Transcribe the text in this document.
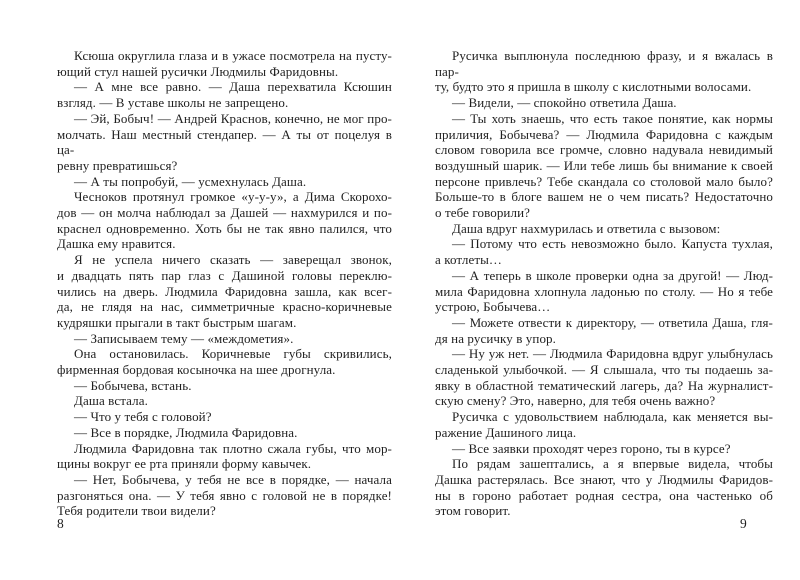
Ксюша округлила глаза и в ужасе посмотрела на пусту-
ющий стул нашей русички Людмилы Фаридовны.
— А мне все равно. — Даша перехватила Ксюшин
взгляд. — В уставе школы не запрещено.
— Эй, Бобыч! — Андрей Краснов, конечно, не мог про-
молчать. Наш местный стендапер. — А ты от поцелуя в ца-
ревну превратишься?
— А ты попробуй, — усмехнулась Даша.
Чесноков протянул громкое «у-у-у», а Дима Скорохо-
дов — он молча наблюдал за Дашей — нахмурился и по-
краснел одновременно. Хоть бы не так явно палился, что
Дашка ему нравится.
Я не успела ничего сказать — заверещал звонок,
и двадцать пять пар глаз с Дашиной головы переклю-
чились на дверь. Людмила Фаридовна зашла, как всег-
да, не глядя на нас, симметричные красно-коричневые
кудряшки прыгали в такт быстрым шагам.
— Записываем тему — «междометия».
Она остановилась. Коричневые губы скривились,
фирменная бордовая косыночка на шее дрогнула.
— Бобычева, встань.
Даша встала.
— Что у тебя с головой?
— Все в порядке, Людмила Фаридовна.
Людмила Фаридовна так плотно сжала губы, что мор-
щины вокруг ее рта приняли форму кавычек.
— Нет, Бобычева, у тебя не все в порядке, — начала
разгоняться она. — У тебя явно с головой не в порядке!
Тебя родители твои видели?
Русичка выплюнула последнюю фразу, и я вжалась в пар-
ту, будто это я пришла в школу с кислотными волосами.
— Видели, — спокойно ответила Даша.
— Ты хоть знаешь, что есть такое понятие, как нормы
приличия, Бобычева? — Людмила Фаридовна с каждым
словом говорила все громче, словно надувала невидимый
воздушный шарик. — Или тебе лишь бы внимание к своей
персоне привлечь? Тебе скандала со столовой мало было?
Больше-то в блоге вашем не о чем писать? Недостаточно
о тебе говорили?
Даша вдруг нахмурилась и ответила с вызовом:
— Потому что есть невозможно было. Капуста тухлая,
а котлеты…
— А теперь в школе проверки одна за другой! — Люд-
мила Фаридовна хлопнула ладонью по столу. — Но я тебе
устрою, Бобычева…
— Можете отвести к директору, — ответила Даша, гля-
дя на русичку в упор.
— Ну уж нет. — Людмила Фаридовна вдруг улыбнулась
сладенькой улыбочкой. — Я слышала, что ты подаешь за-
явку в областной тематический лагерь, да? На журналист-
скую смену? Это, наверно, для тебя очень важно?
Русичка с удовольствием наблюдала, как меняется вы-
ражение Дашиного лица.
— Все заявки проходят через гороно, ты в курсе?
По рядам зашептались, а я впервые видела, чтобы
Дашка растерялась. Все знают, что у Людмилы Фаридов-
ны в гороно работает родная сестра, она частенько об
этом говорит.
8	9
